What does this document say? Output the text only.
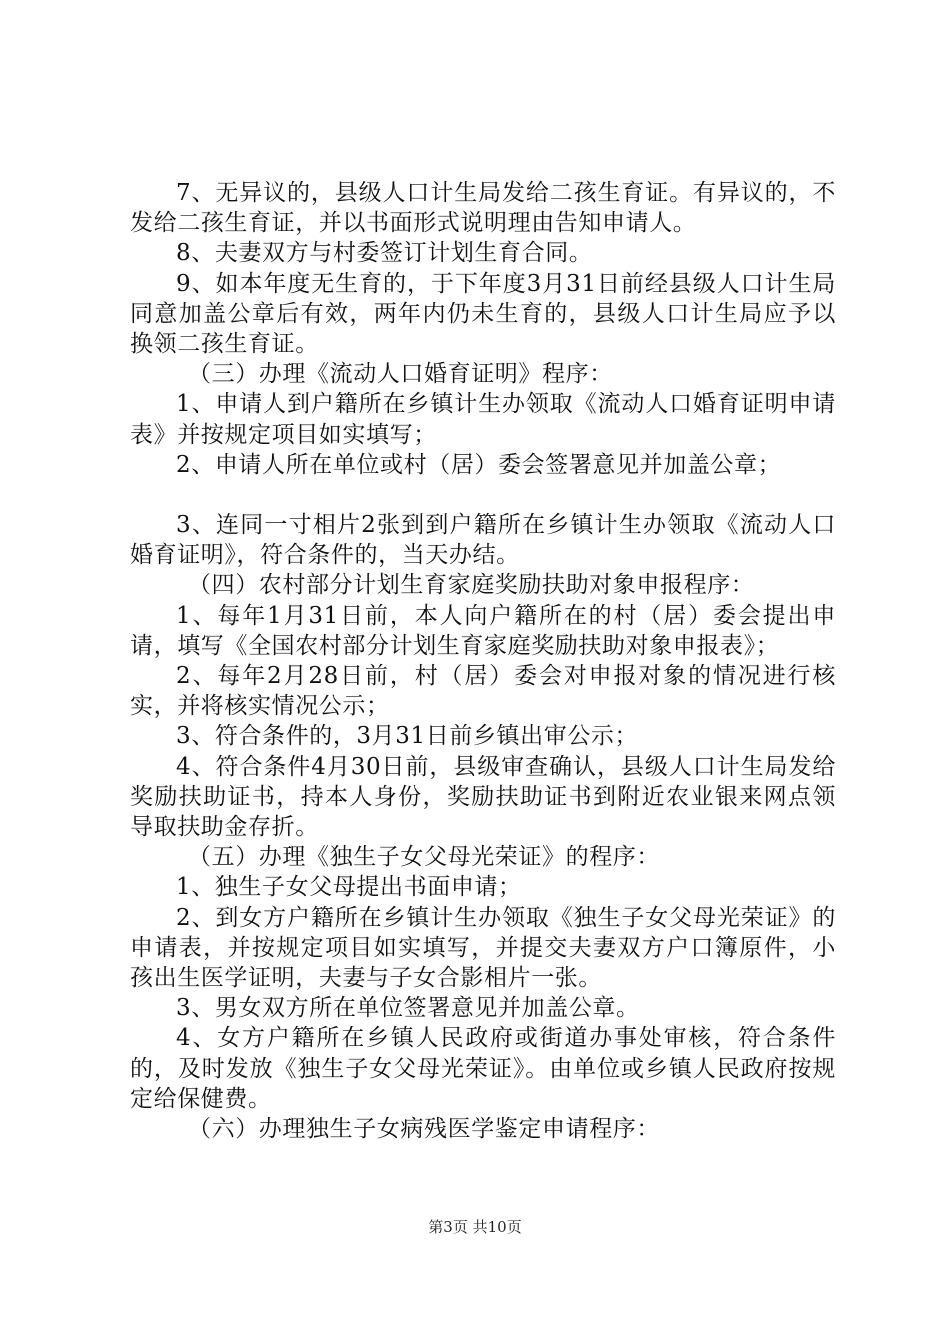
7、无异议的，县级人口计生局发给二孩生育证。有异议的，不发给二孩生育证，并以书面形式说明理由告知申请人。

8、夫妻双方与村委签订计划生育合同。

9、如本年度无生育的，于下年度3月31日前经县级人口计生局同意加盖公章后有效，两年内仍未生育的，县级人口计生局应予以换领二孩生育证。

（三）办理《流动人口婚育证明》程序：

1、申请人到户籍所在乡镇计生办领取《流动人口婚育证明申请表》并按规定项目如实填写；

2、申请人所在单位或村（居）委会签署意见并加盖公章；

3、连同一寸相片2张到到户籍所在乡镇计生办领取《流动人口婚育证明》，符合条件的，当天办结。

（四）农村部分计划生育家庭奖励扶助对象申报程序：

1、每年1月31日前，本人向户籍所在的村（居）委会提出申请，填写《全国农村部分计划生育家庭奖励扶助对象申报表》；

2、每年2月28日前，村（居）委会对申报对象的情况进行核实，并将核实情况公示；

3、符合条件的，3月31日前乡镇出审公示；

4、符合条件4月30日前，县级审查确认，县级人口计生局发给奖励扶助证书，持本人身份，奖励扶助证书到附近农业银来网点领导取扶助金存折。

（五）办理《独生子女父母光荣证》的程序：

1、独生子女父母提出书面申请；

2、到女方户籍所在乡镇计生办领取《独生子女父母光荣证》的申请表，并按规定项目如实填写，并提交夫妻双方户口簿原件，小孩出生医学证明，夫妻与子女合影相片一张。

3、男女双方所在单位签署意见并加盖公章。

4、女方户籍所在乡镇人民政府或街道办事处审核，符合条件的，及时发放《独生子女父母光荣证》。由单位或乡镇人民政府按规定给保健费。

（六）办理独生子女病残医学鉴定申请程序：

第3页 共10页
